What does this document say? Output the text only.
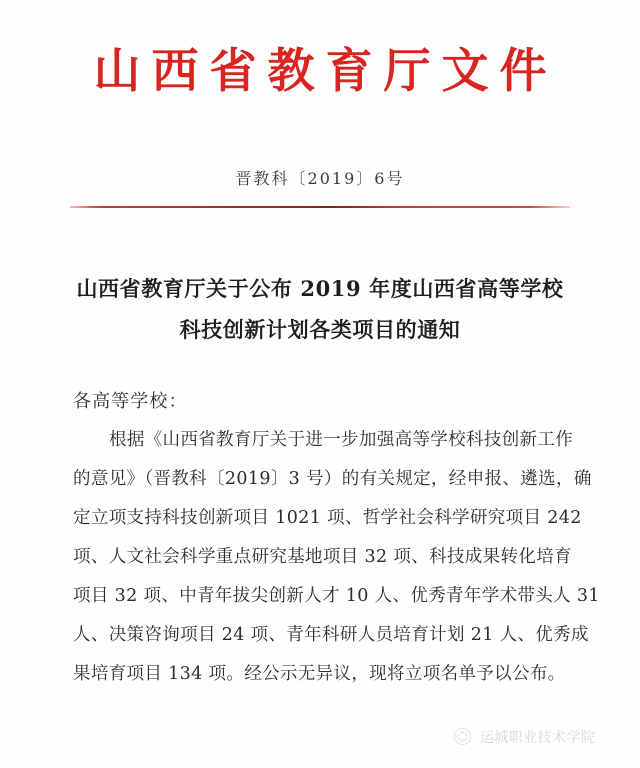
山西省教育厅文件
晋教科〔2019〕6号
山西省教育厅关于公布 2019 年度山西省高等学校
科技创新计划各类项目的通知
各高等学校：
根据《山西省教育厅关于进一步加强高等学校科技创新工作
的意见》（晋教科〔2019〕3 号）的有关规定，经申报、遴选，确
定立项支持科技创新项目 1021 项、哲学社会科学研究项目 242
项、人文社会科学重点研究基地项目 32 项、科技成果转化培育
项目 32 项、中青年拔尖创新人才 10 人、优秀青年学术带头人 31
人、决策咨询项目 24 项、青年科研人员培育计划 21 人、优秀成
果培育项目 134 项。经公示无异议，现将立项名单予以公布。
运城职业技术学院
